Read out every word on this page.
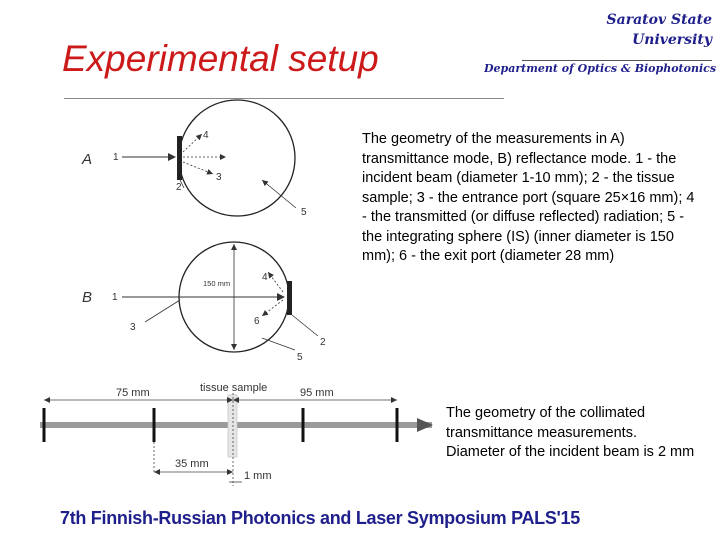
Experimental setup
Saratov State
University
Department of Optics & Biophotonics
A 1
2
3
4
5
B 1
2
3
4
5
6
150 mm
tissue sample
75 mm	95 mm
35 mm
1 mm
The geometry of the measurements in A) transmittance mode, B) reflectance mode. 1 - the incident beam (diameter 1-10 mm); 2 - the tissue sample; 3 - the entrance port (square 25×16 mm); 4 - the transmitted (or diffuse reflected) radiation; 5 - the integrating sphere (IS) (inner diameter is 150 mm); 6 - the exit port (diameter 28 mm)
The geometry of the collimated transmittance measurements. Diameter of the incident beam is 2 mm
7th Finnish-Russian Photonics and Laser Symposium PALS'15
